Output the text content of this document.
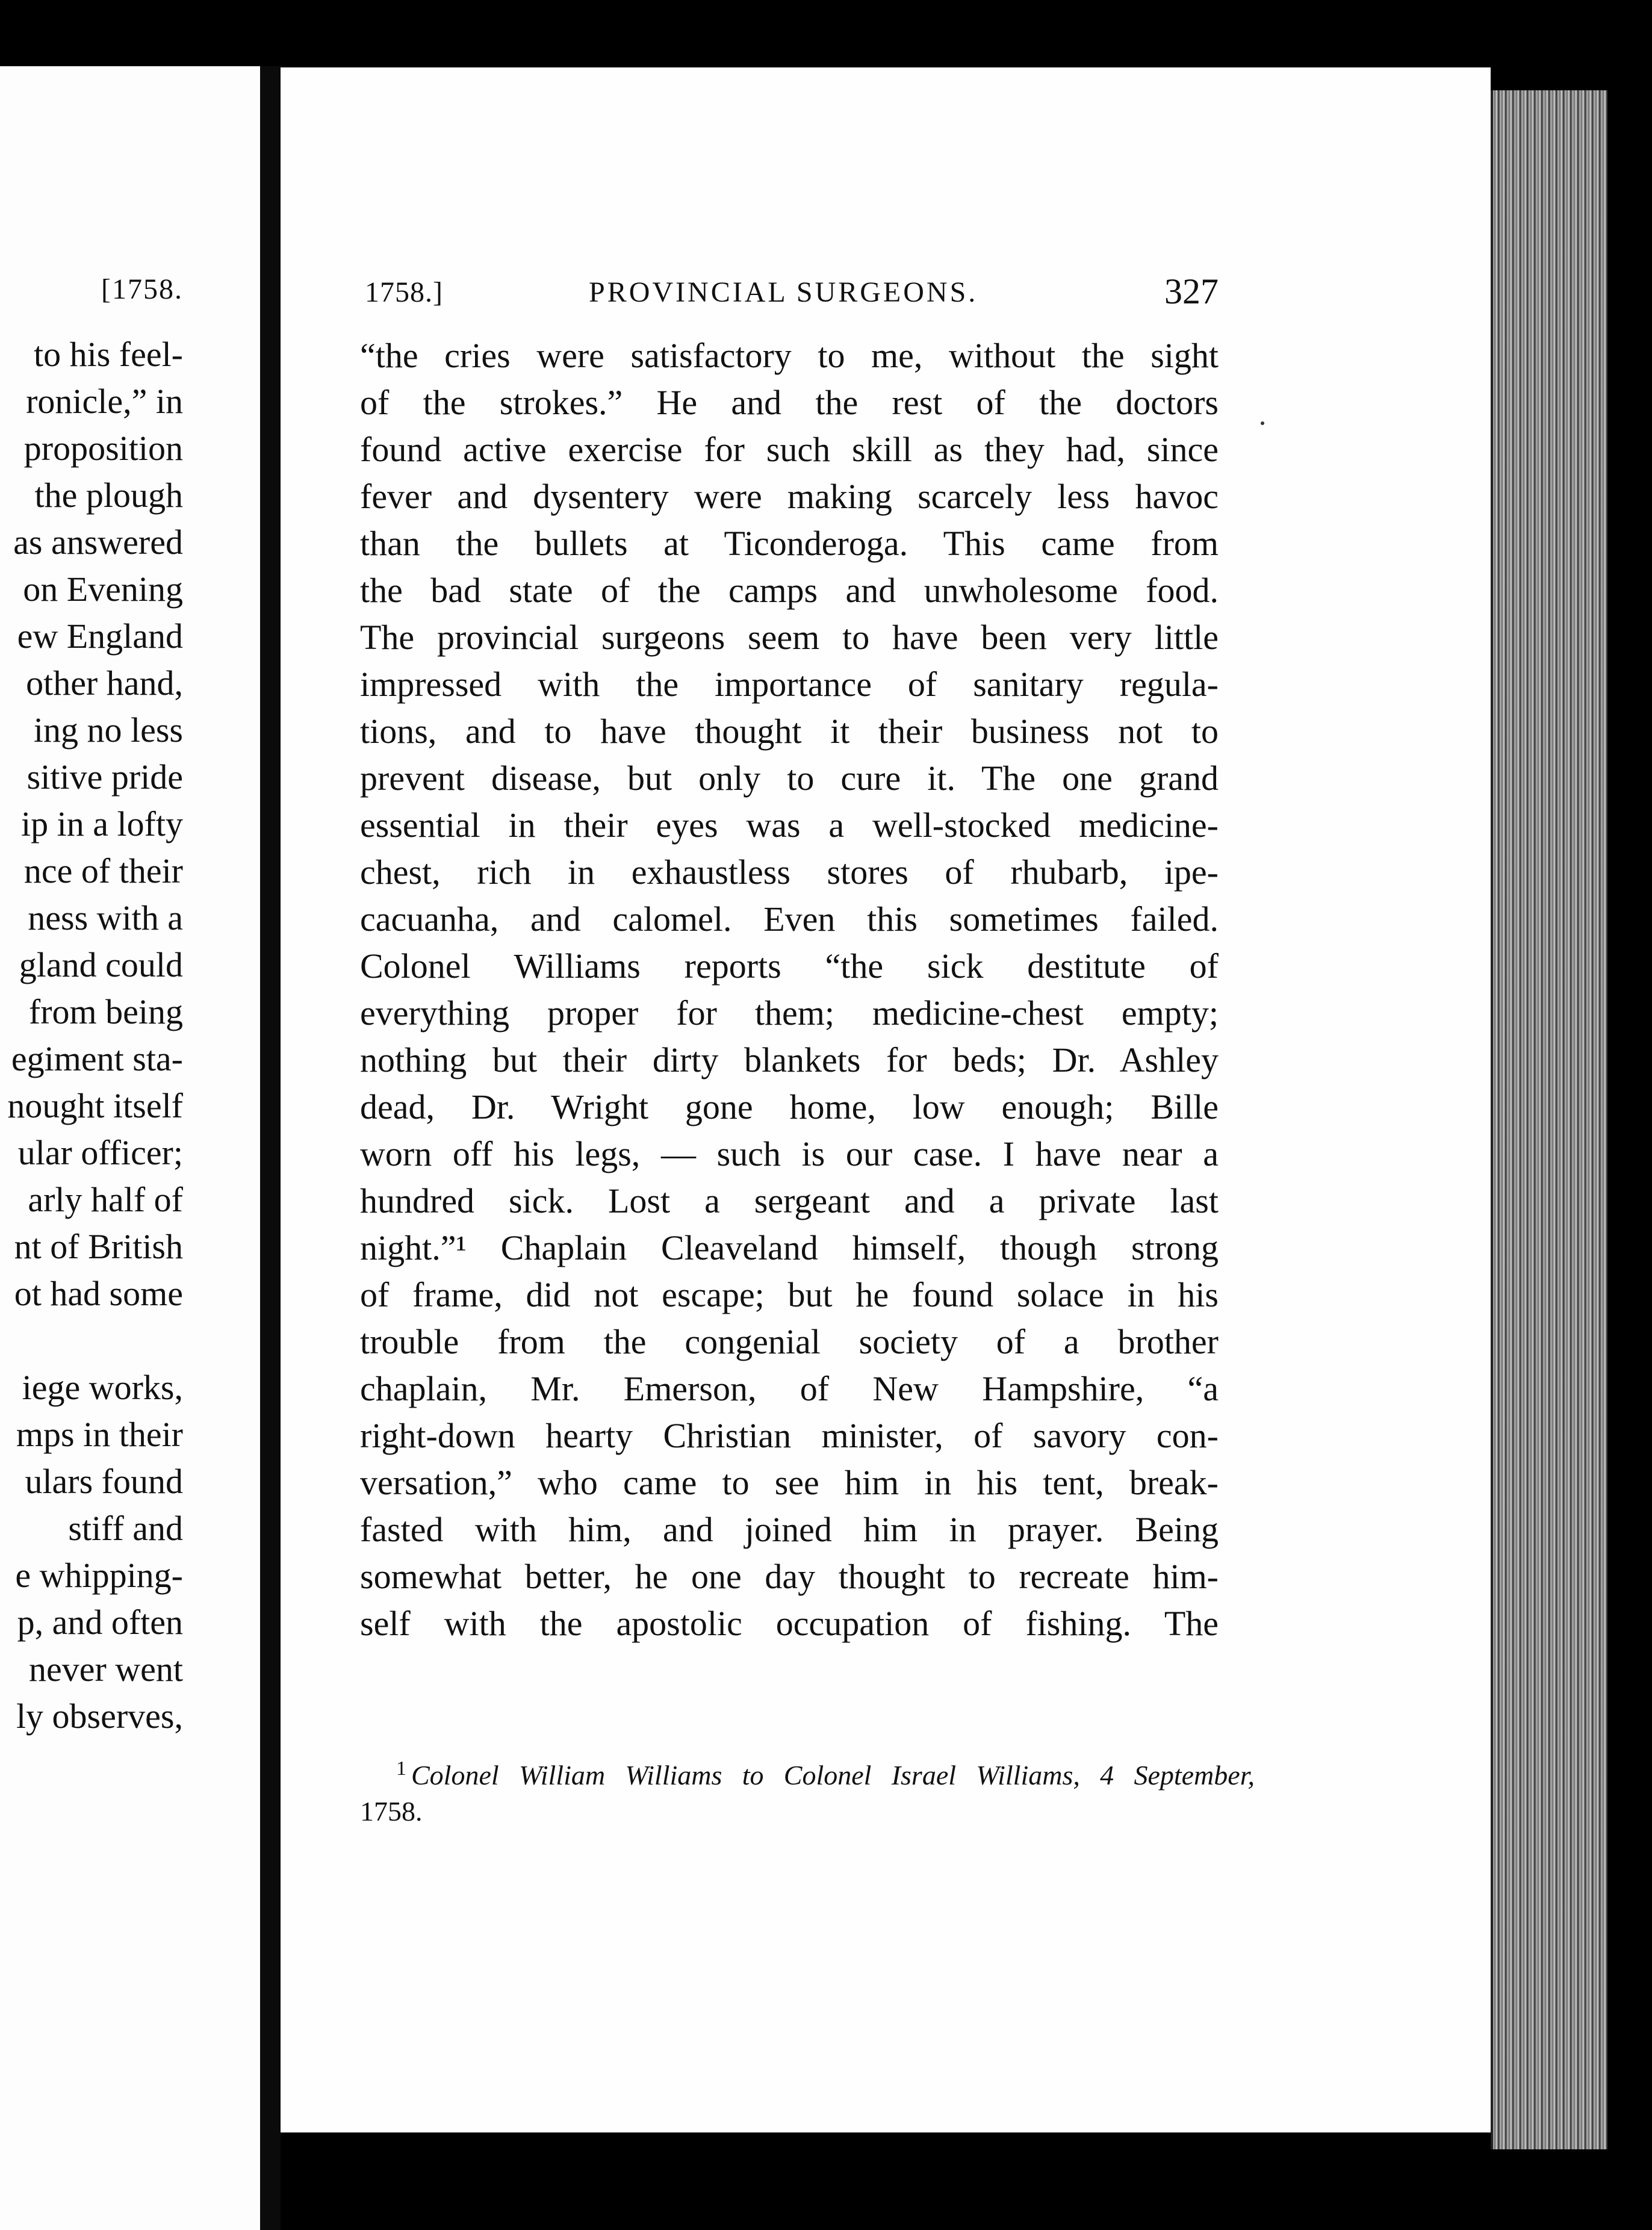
[1758.
to his feel-
ronicle,” in
proposition
the plough
as answered
on Evening
ew England
other hand,
ing no less
sitive pride
ip in a lofty
nce of their
ness with a
gland could
from being
egiment sta-
nought itself
ular officer;
arly half of
nt of British
ot had some
iege works,
mps in their
ulars found
stiff and
e whipping-
p, and often
never went
ly observes,
1758.]	PROVINCIAL SURGEONS.	327
“the cries were satisfactory to me, without the sight
of the strokes.” He and the rest of the doctors
found active exercise for such skill as they had, since
fever and dysentery were making scarcely less havoc
than the bullets at Ticonderoga. This came from
the bad state of the camps and unwholesome food.
The provincial surgeons seem to have been very little
impressed with the importance of sanitary regula-
tions, and to have thought it their business not to
prevent disease, but only to cure it. The one grand
essential in their eyes was a well-stocked medicine-
chest, rich in exhaustless stores of rhubarb, ipe-
cacuanha, and calomel. Even this sometimes failed.
Colonel Williams reports “the sick destitute of
everything proper for them; medicine-chest empty;
nothing but their dirty blankets for beds; Dr. Ashley
dead, Dr. Wright gone home, low enough; Bille
worn off his legs, — such is our case. I have near a
hundred sick. Lost a sergeant and a private last
night.”¹ Chaplain Cleaveland himself, though strong
of frame, did not escape; but he found solace in his
trouble from the congenial society of a brother
chaplain, Mr. Emerson, of New Hampshire, “a
right-down hearty Christian minister, of savory con-
versation,” who came to see him in his tent, break-
fasted with him, and joined him in prayer. Being
somewhat better, he one day thought to recreate him-
self with the apostolic occupation of fishing. The
$^1$ Colonel William Williams to Colonel Israel Williams, 4 September,
1758.
